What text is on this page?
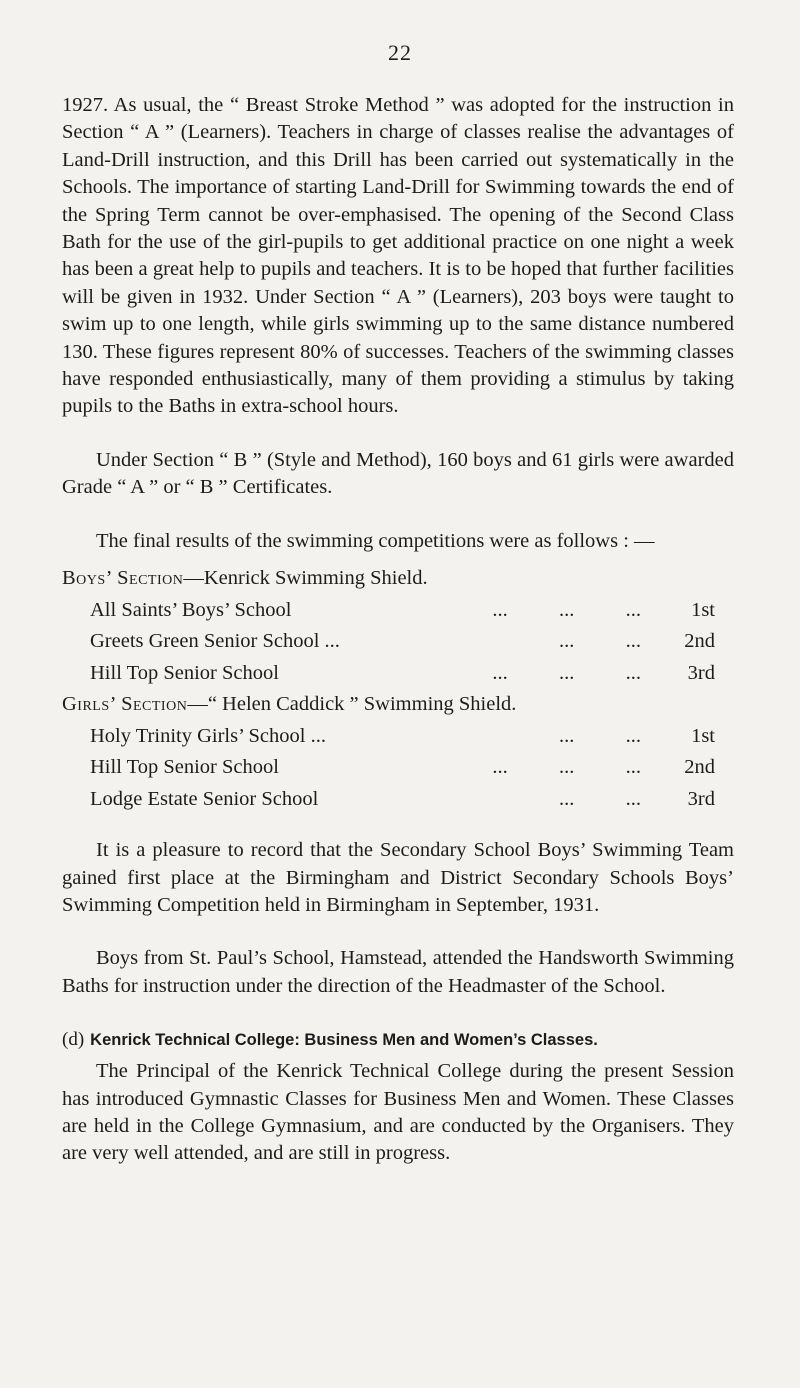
22

1927. As usual, the “ Breast Stroke Method ” was adopted for the instruction in Section “ A ” (Learners). Teachers in charge of classes realise the advantages of Land-Drill instruction, and this Drill has been carried out systematically in the Schools. The importance of starting Land-Drill for Swimming towards the end of the Spring Term cannot be over-emphasised. The opening of the Second Class Bath for the use of the girl-pupils to get additional practice on one night a week has been a great help to pupils and teachers. It is to be hoped that further facilities will be given in 1932. Under Section “ A ” (Learners), 203 boys were taught to swim up to one length, while girls swimming up to the same distance numbered 130. These figures represent 80% of successes. Teachers of the swimming classes have responded enthusiastically, many of them providing a stimulus by taking pupils to the Baths in extra-school hours.

Under Section “ B ” (Style and Method), 160 boys and 61 girls were awarded Grade “ A ” or “ B ” Certificates.

The final results of the swimming competitions were as follows : —

Boys’ Section—Kenrick Swimming Shield.
All Saints’ Boys’ School	...          ...          ...	1st
Greets Green Senior School ...	...          ...	2nd
Hill Top Senior School	...          ...          ...	3rd
Girls’ Section—“ Helen Caddick ” Swimming Shield.
Holy Trinity Girls’ School ...	...          ...	1st
Hill Top Senior School	...          ...          ...	2nd
Lodge Estate Senior School	...          ...	3rd

It is a pleasure to record that the Secondary School Boys’ Swimming Team gained first place at the Birmingham and District Secondary Schools Boys’ Swimming Competition held in Birmingham in September, 1931.

Boys from St. Paul’s School, Hamstead, attended the Handsworth Swimming Baths for instruction under the direction of the Headmaster of the School.

(d) Kenrick Technical College: Business Men and Women’s Classes.

The Principal of the Kenrick Technical College during the present Session has introduced Gymnastic Classes for Business Men and Women. These Classes are held in the College Gymnasium, and are conducted by the Organisers. They are very well attended, and are still in progress.
